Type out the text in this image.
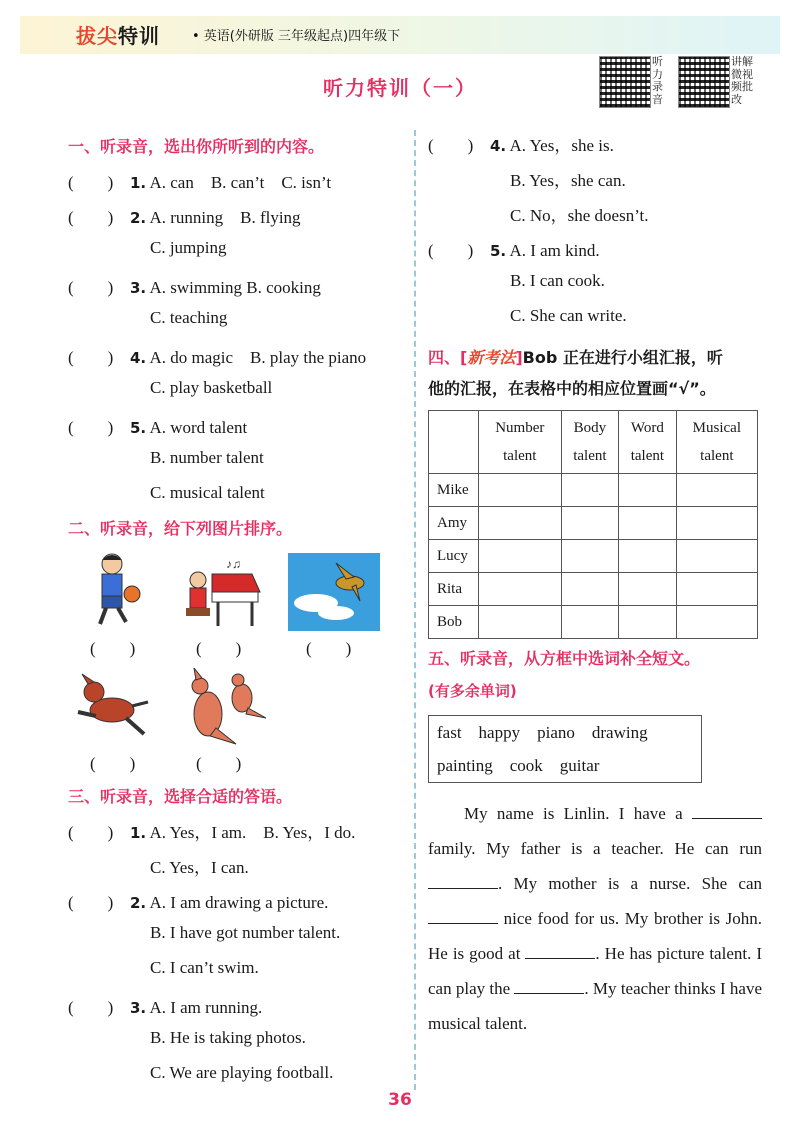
拔尖特训 • 英语(外研版 三年级起点)四年级下
听力特训（一）
听力录音
讲解微视频批改
一、听录音，选出你所听到的内容。
(　　) 1. A. can　B. can’t　C. isn’t
(　　) 2. A. running　B. flying
C. jumping
(　　) 3. A. swimming B. cooking
C. teaching
(　　) 4. A. do magic　B. play the piano
C. play basketball
(　　) 5. A. word talent
B. number talent
C. musical talent
二、听录音，给下列图片排序。
♪♫
(　　)	(　　)	(　　)
(　　)	(　　)
三、听录音，选择合适的答语。
(　　) 1. A. Yes，I am.　B. Yes，I do.
C. Yes，I can.
(　　) 2. A. I am drawing a picture.
B. I have got number talent.
C. I can’t swim.
(　　) 3. A. I am running.
B. He is taking photos.
C. We are playing football.
(　　) 4. A. Yes，she is.
B. Yes，she can.
C. No，she doesn’t.
(　　) 5. A. I am kind.
B. I can cook.
C. She can write.
四、[新考法]Bob 正在进行小组汇报，听
他的汇报，在表格中的相应位置画“√”。
	Number
talent	Body
talent	Word
talent	Musical
talent
Mike				
Amy				
Lucy				
Rita				
Bob				
五、听录音，从方框中选词补全短文。
(有多余单词)
fast　happy　piano　drawing
painting　cook　guitar
My name is Linlin. I have a  family. My father is a teacher. He can run . My mother is a nurse. She can  nice food for us. My brother is John. He is good at	. He has picture talent. I can play the	. My teacher thinks I have musical talent.
36
